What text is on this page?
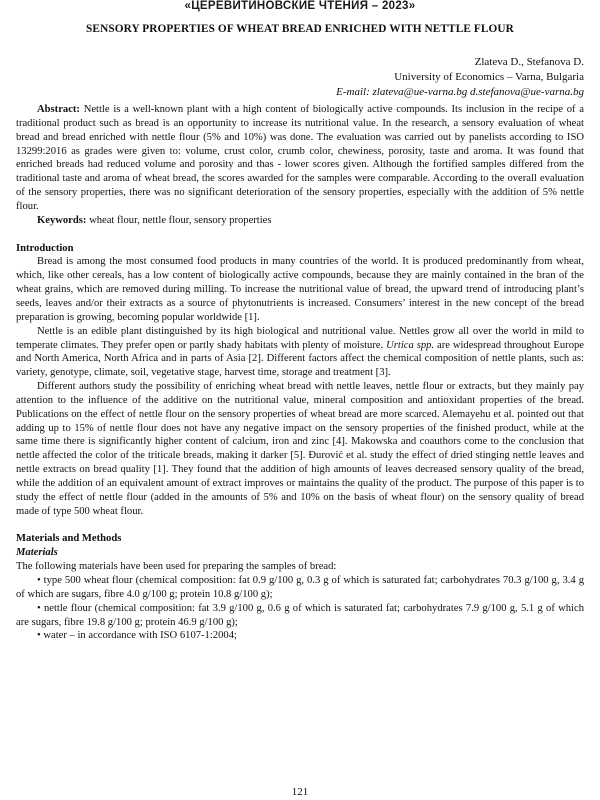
«ЦЕРЕВИТИНОВСКИЕ ЧТЕНИЯ – 2023»
SENSORY PROPERTIES OF WHEAT BREAD ENRICHED WITH NETTLE FLOUR
Zlateva D., Stefanova D.
University of Economics – Varna, Bulgaria
E-mail: zlateva@ue-varna.bg d.stefanova@ue-varna.bg

Abstract: Nettle is a well-known plant with a high content of biologically active compounds. Its inclusion in the recipe of a traditional product such as bread is an opportunity to increase its nutritional value. In the research, a sensory evaluation of wheat bread and bread enriched with nettle flour (5% and 10%) was done. The evaluation was carried out by panelists according to ISO 13299:2016 as grades were given to: volume, crust color, crumb color, chewiness, porosity, taste and aroma. It was found that enriched breads had reduced volume and porosity and thas - lower scores given. Although the fortified samples differed from the traditional taste and aroma of wheat bread, the scores awarded for the samples were comparable. According to the overall evaluation of the sensory properties, there was no significant deterioration of the sensory properties, especially with the addition of 5% nettle flour.

Keywords: wheat flour, nettle flour, sensory properties

Introduction

Bread is among the most consumed food products in many countries of the world. It is produced predominantly from wheat, which, like other cereals, has a low content of biologically active compounds, because they are mainly contained in the bran of the wheat grains, which are removed during milling. To increase the nutritional value of bread, the upward trend of introducing plant’s seeds, leaves and/or their extracts as a source of phytonutrients is increased. Consumers’ interest in the new concept of the bread preparation is growing, becoming popular worldwide [1].

Nettle is an edible plant distinguished by its high biological and nutritional value. Nettles grow all over the world in mild to temperate climates. They prefer open or partly shady habitats with plenty of moisture. Urtica spp. are widespread throughout Europe and North America, North Africa and in parts of Asia [2]. Different factors affect the chemical composition of nettle plants, such as: variety, genotype, climate, soil, vegetative stage, harvest time, storage and treatment [3].

Different authors study the possibility of enriching wheat bread with nettle leaves, nettle flour or extracts, but they mainly pay attention to the influence of the additive on the nutritional value, mineral composition and antioxidant properties of the bread. Publications on the effect of nettle flour on the sensory properties of wheat bread are more scarced. Alemayehu et al. pointed out that adding up to 15% of nettle flour does not have any negative impact on the sensory properties of the finished product, while at the same time there is significantly higher content of calcium, iron and zinc [4]. Makowska and coauthors come to the conclusion that nettle affected the color of the triticale breads, making it darker [5]. Đurović et al. study the effect of dried stinging nettle leaves and nettle extracts on bread quality [1]. They found that the addition of high amounts of leaves decreased sensory quality of the bread, while the addition of an equivalent amount of extract improves or maintains the quality of the product. The purpose of this paper is to study the effect of nettle flour (added in the amounts of 5% and 10% on the basis of wheat flour) on the sensory quality of bread made of type 500 wheat flour.

Materials and Methods

Materials

The following materials have been used for preparing the samples of bread:

• type 500 wheat flour (chemical composition: fat 0.9 g/100 g, 0.3 g of which is saturated fat; carbohydrates 70.3 g/100 g, 3.4 g of which are sugars, fibre 4.0 g/100 g; protein 10.8 g/100 g);

• nettle flour (chemical composition: fat 3.9 g/100 g, 0.6 g of which is saturated fat; carbohydrates 7.9 g/100 g, 5.1 g of which are sugars, fibre 19.8 g/100 g; protein 46.9 g/100 g);

• water – in accordance with ISO 6107-1:2004;

121
